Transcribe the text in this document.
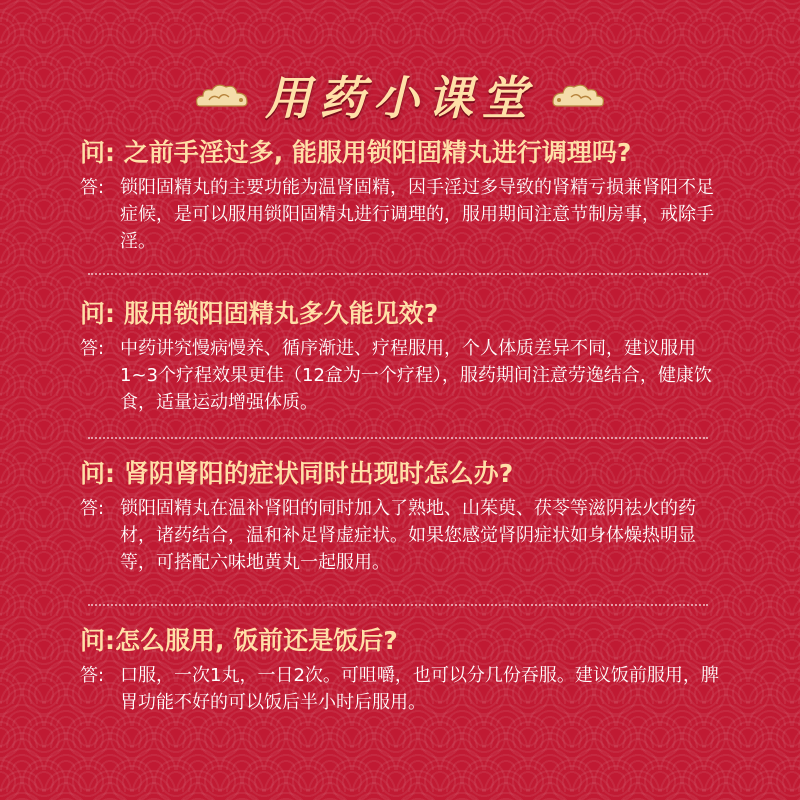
用药小课堂
问: 之前手淫过多, 能服用锁阳固精丸进行调理吗?
答: 锁阳固精丸的主要功能为温肾固精，因手淫过多导致的肾精亏损兼肾阳不足症候，是可以服用锁阳固精丸进行调理的，服用期间注意节制房事，戒除手淫。
问: 服用锁阳固精丸多久能见效?
答: 中药讲究慢病慢养、循序渐进、疗程服用，个人体质差异不同，建议服用1~3个疗程效果更佳（12盒为一个疗程），服药期间注意劳逸结合，健康饮食，适量运动增强体质。
问: 肾阴肾阳的症状同时出现时怎么办?
答: 锁阳固精丸在温补肾阳的同时加入了熟地、山茱萸、茯苓等滋阴祛火的药材，诸药结合，温和补足肾虚症状。如果您感觉肾阴症状如身体燥热明显等，可搭配六味地黄丸一起服用。
问:怎么服用, 饭前还是饭后?
答: 口服，一次1丸，一日2次。可咀嚼，也可以分几份吞服。建议饭前服用，脾胃功能不好的可以饭后半小时后服用。
